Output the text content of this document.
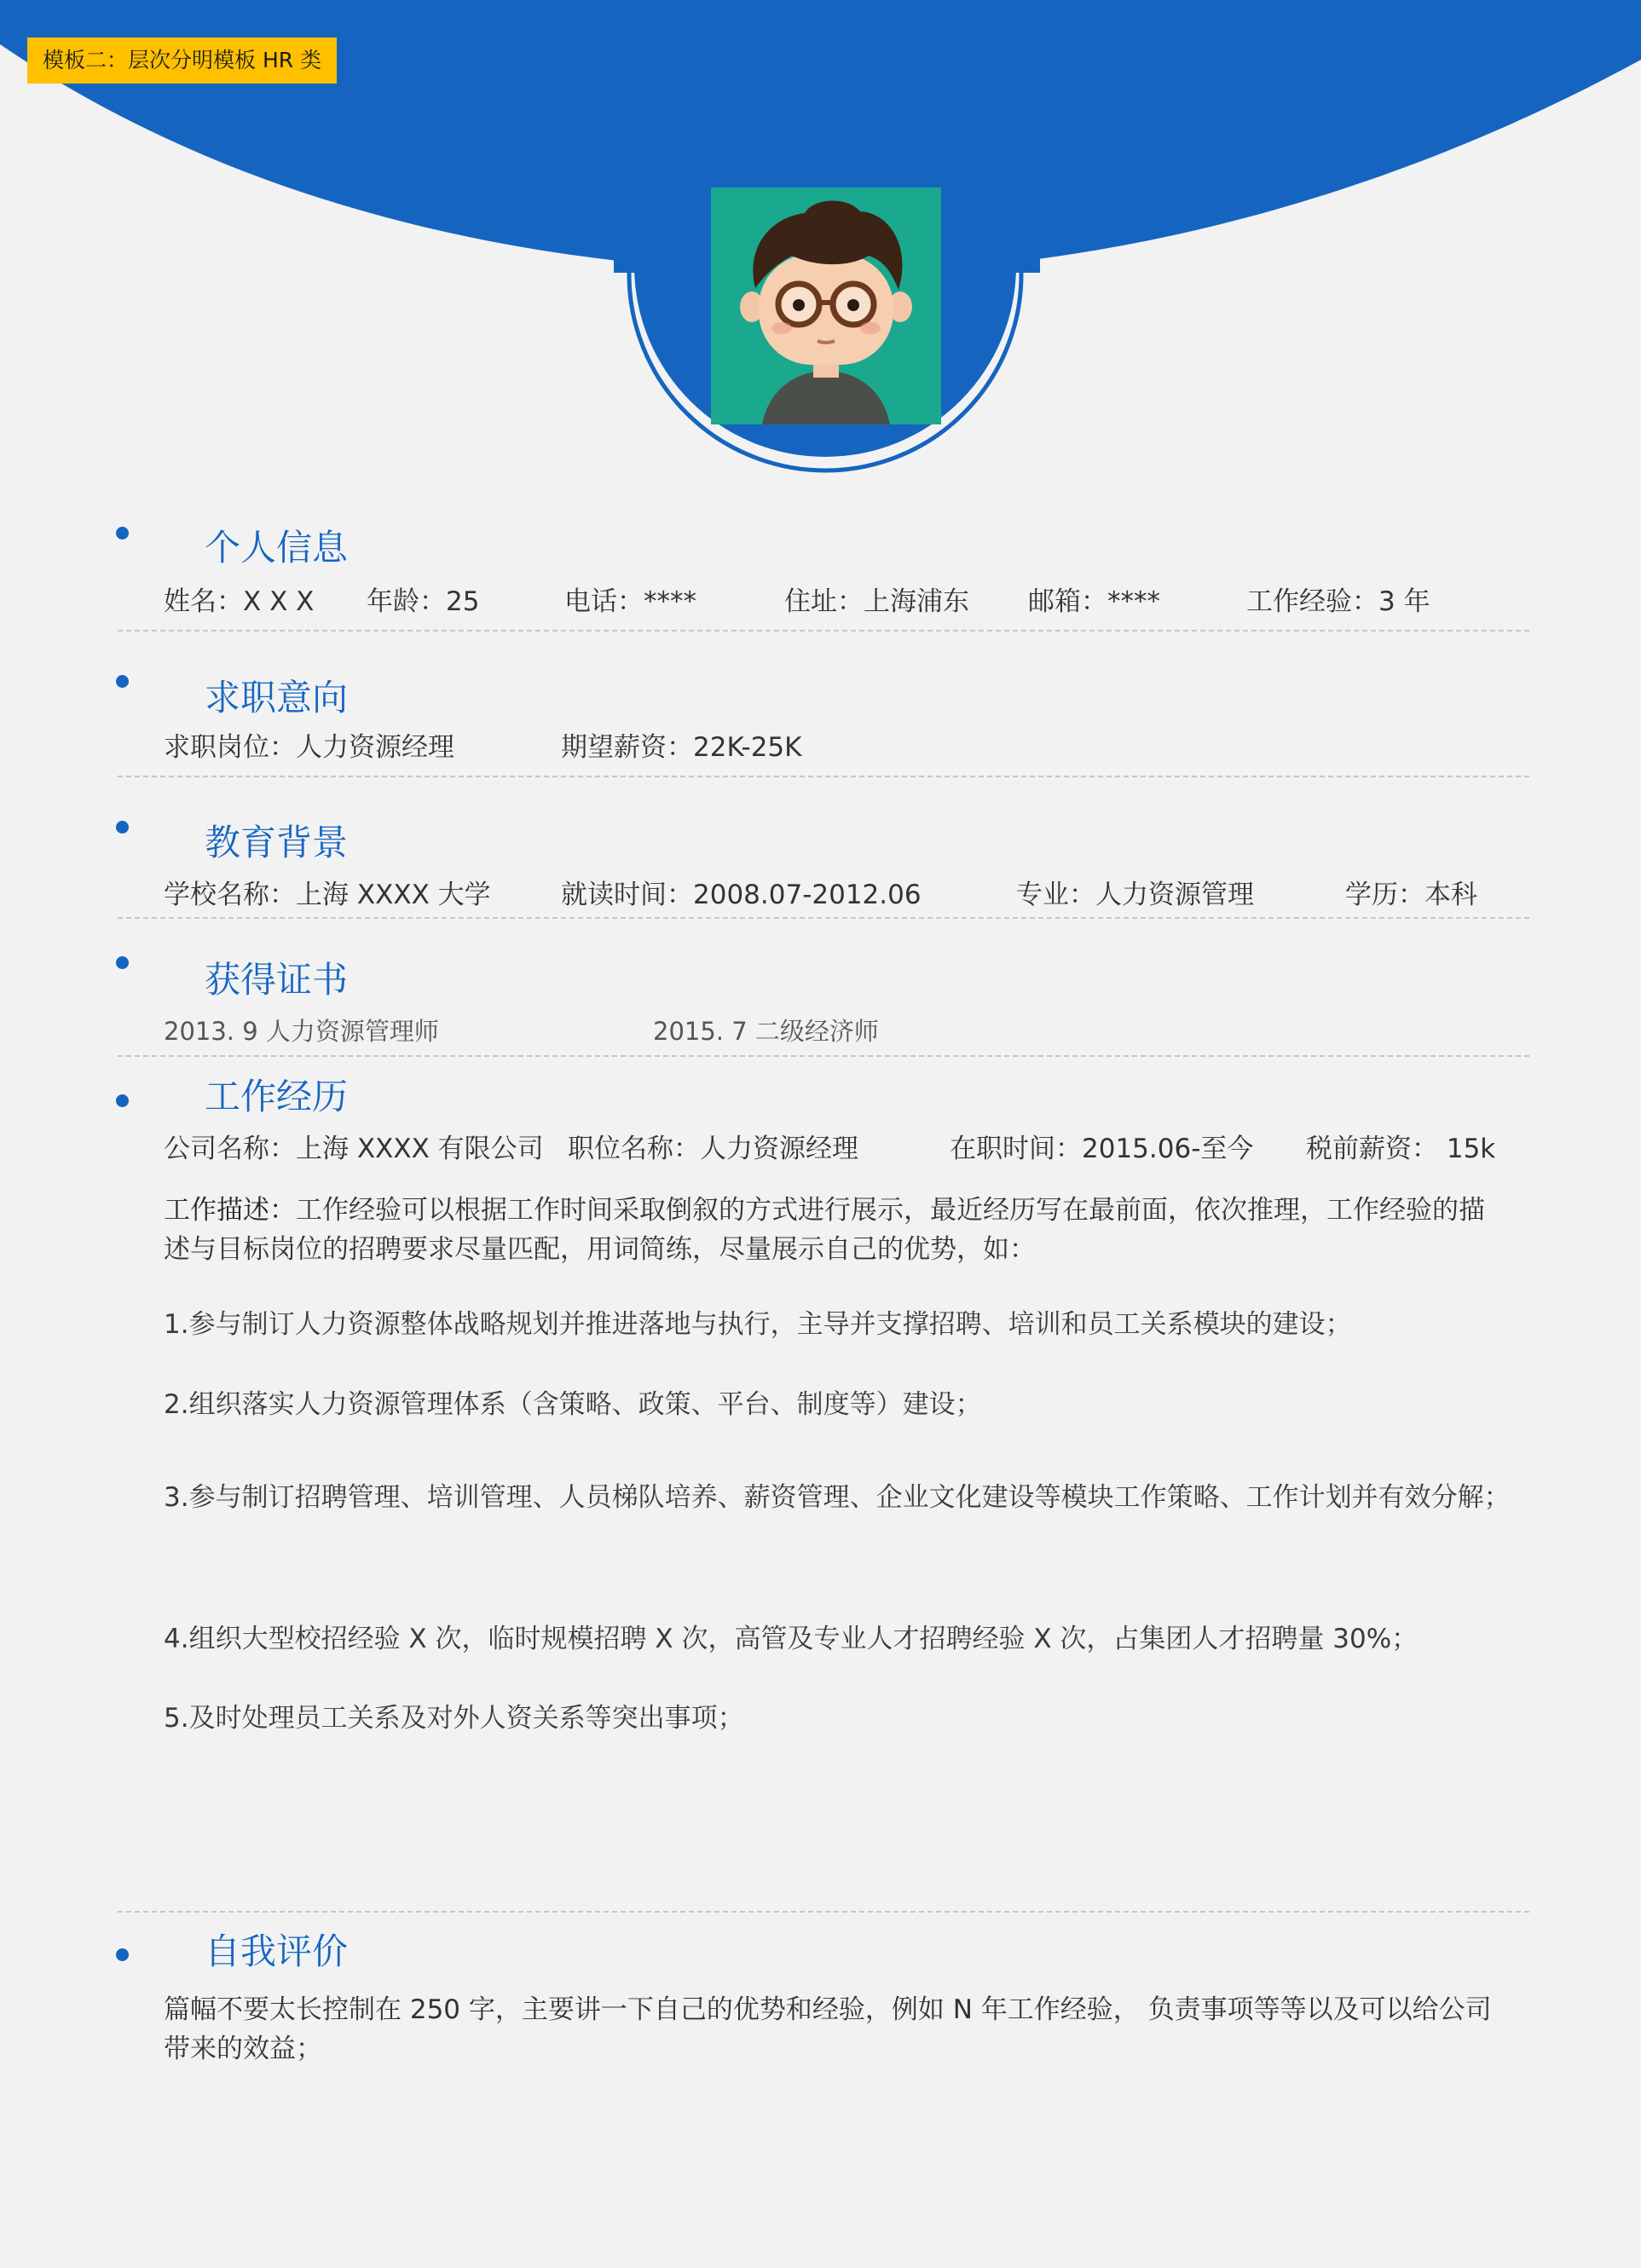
模板二：层次分明模板 HR 类
个人信息
姓名：X X X 年龄：25	电话：****	住址：上海浦东 邮箱：****	工作经验：3 年
求职意向
求职岗位：人力资源经理	期望薪资：22K-25K
教育背景
学校名称：上海 XXXX 大学	就读时间：2008.07-2012.06	专业：人力资源管理	学历：本科
获得证书
2013. 9 人力资源管理师	2015. 7 二级经济师
工作经历
公司名称：上海 XXXX 有限公司 职位名称：人力资源经理	在职时间：2015.06-至今 税前薪资： 15k
工作描述：工作经验可以根据工作时间采取倒叙的方式进行展示，最近经历写在最前面，依次推理，工作经验的描述与目标岗位的招聘要求尽量匹配，用词简练，尽量展示自己的优势，如：
1.参与制订人力资源整体战略规划并推进落地与执行，主导并支撑招聘、培训和员工关系模块的建设；
2.组织落实人力资源管理体系（含策略、政策、平台、制度等）建设；
3.参与制订招聘管理、培训管理、人员梯队培养、薪资管理、企业文化建设等模块工作策略、工作计划并有效分解；
4.组织大型校招经验 X 次，临时规模招聘 X 次，高管及专业人才招聘经验 X 次，占集团人才招聘量 30%；
5.及时处理员工关系及对外人资关系等突出事项；
自我评价
篇幅不要太长控制在 250 字，主要讲一下自己的优势和经验，例如 N 年工作经验， 负责事项等等以及可以给公司带来的效益；
